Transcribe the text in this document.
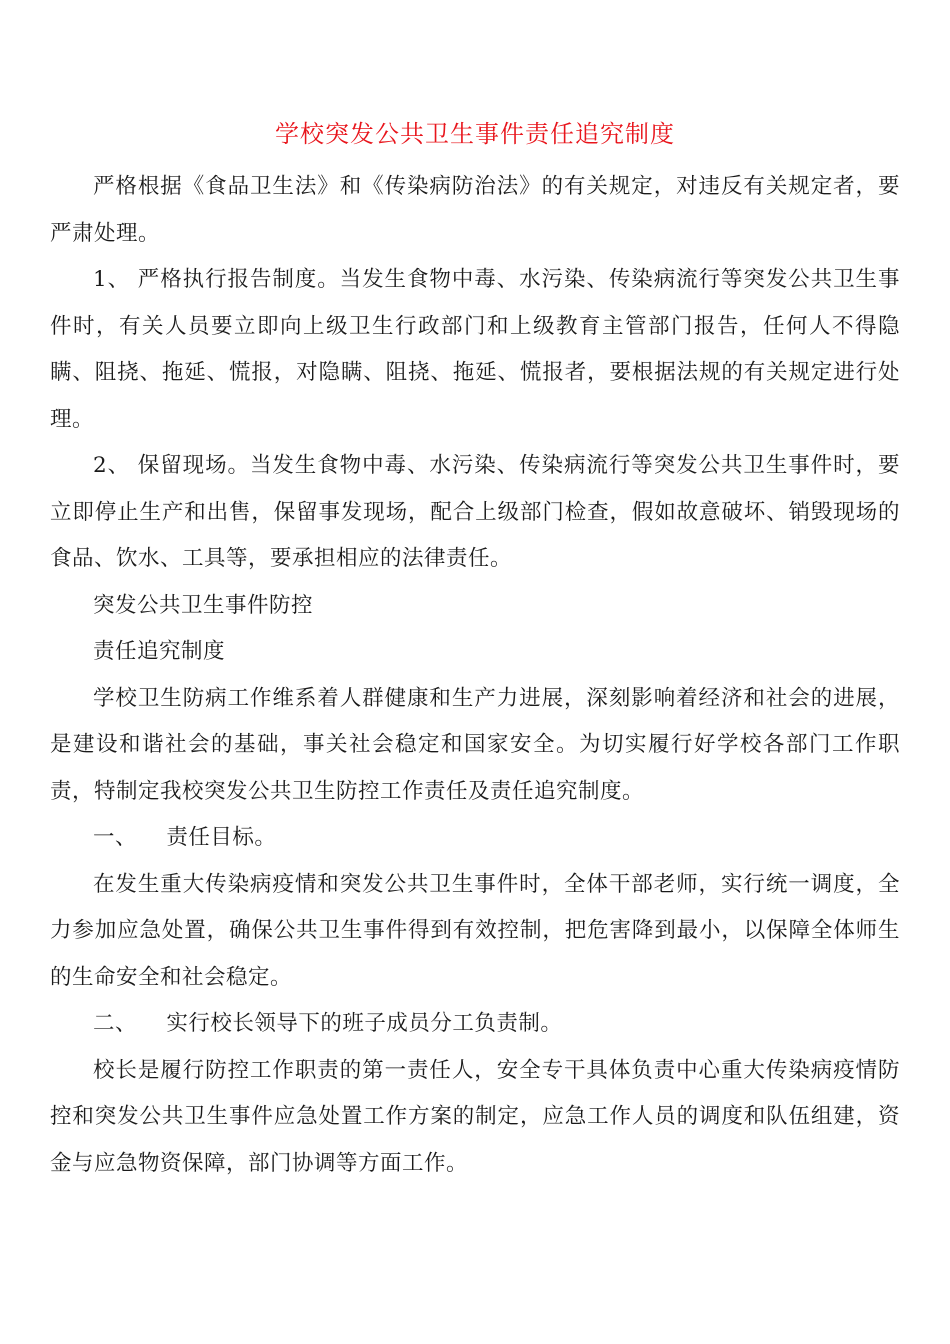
学校突发公共卫生事件责任追究制度

严格根据《食品卫生法》和《传染病防治法》的有关规定，对违反有关规定者，要严肃处理。

1、 严格执行报告制度。当发生食物中毒、水污染、传染病流行等突发公共卫生事件时，有关人员要立即向上级卫生行政部门和上级教育主管部门报告，任何人不得隐瞒、阻挠、拖延、慌报，对隐瞒、阻挠、拖延、慌报者，要根据法规的有关规定进行处理。

2、 保留现场。当发生食物中毒、水污染、传染病流行等突发公共卫生事件时，要立即停止生产和出售，保留事发现场，配合上级部门检查，假如故意破坏、销毁现场的食品、饮水、工具等，要承担相应的法律责任。

突发公共卫生事件防控

责任追究制度

学校卫生防病工作维系着人群健康和生产力进展，深刻影响着经济和社会的进展，是建设和谐社会的基础，事关社会稳定和国家安全。为切实履行好学校各部门工作职责，特制定我校突发公共卫生防控工作责任及责任追究制度。

一、    责任目标。

在发生重大传染病疫情和突发公共卫生事件时，全体干部老师，实行统一调度，全力参加应急处置，确保公共卫生事件得到有效控制，把危害降到最小，以保障全体师生的生命安全和社会稳定。

二、    实行校长领导下的班子成员分工负责制。

校长是履行防控工作职责的第一责任人，安全专干具体负责中心重大传染病疫情防控和突发公共卫生事件应急处置工作方案的制定，应急工作人员的调度和队伍组建，资金与应急物资保障，部门协调等方面工作。
